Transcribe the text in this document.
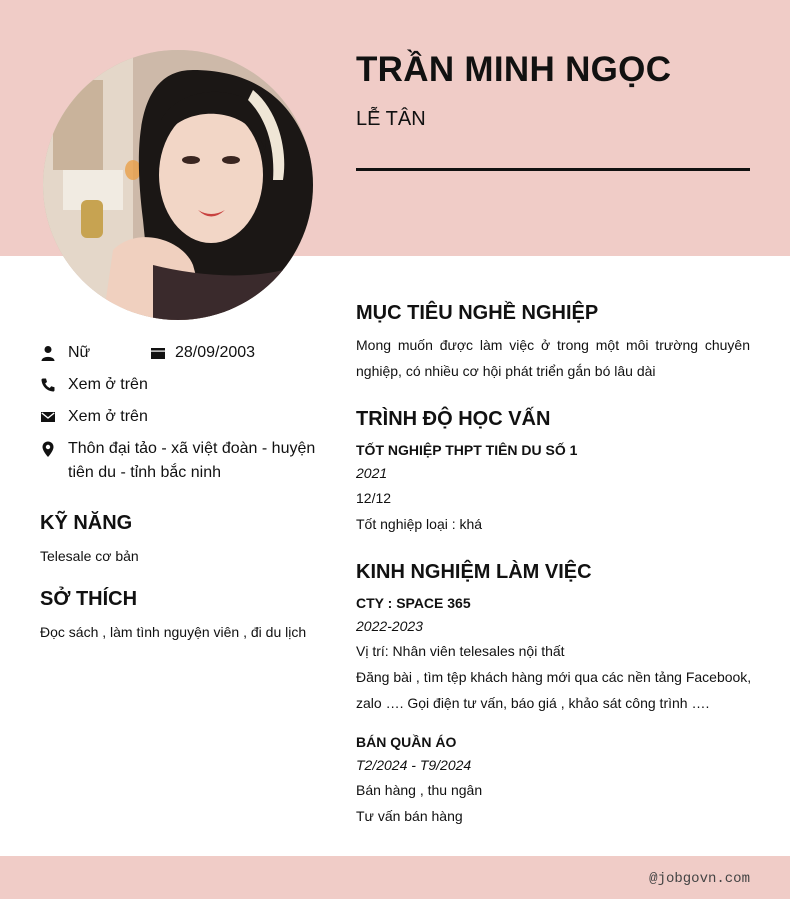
TRẦN MINH NGỌC
LỄ TÂN
Nữ	28/09/2003
Xem ở trên
Xem ở trên
Thôn đại tảo - xã việt đoàn - huyện
tiên du - tỉnh bắc ninh
KỸ NĂNG
Telesale cơ bản
SỞ THÍCH
Đọc sách , làm tình nguyện viên , đi du lịch
MỤC TIÊU NGHỀ NGHIỆP
Mong muốn được làm việc ở trong một môi trường chuyên
nghiệp, có nhiều cơ hội phát triển gắn bó lâu dài
TRÌNH ĐỘ HỌC VẤN
TỐT NGHIỆP THPT TIÊN DU SỐ 1
2021
12/12
Tốt nghiệp loại : khá
KINH NGHIỆM LÀM VIỆC
CTY : SPACE 365
2022-2023
Vị trí: Nhân viên telesales nội thất
Đăng bài , tìm tệp khách hàng mới qua các nền tảng Facebook,
zalo …. Gọi điện tư vấn, báo giá , khảo sát công trình ….
BÁN QUẦN ÁO
T2/2024 - T9/2024
Bán hàng , thu ngân
Tư vấn bán hàng
@jobgovn.com
